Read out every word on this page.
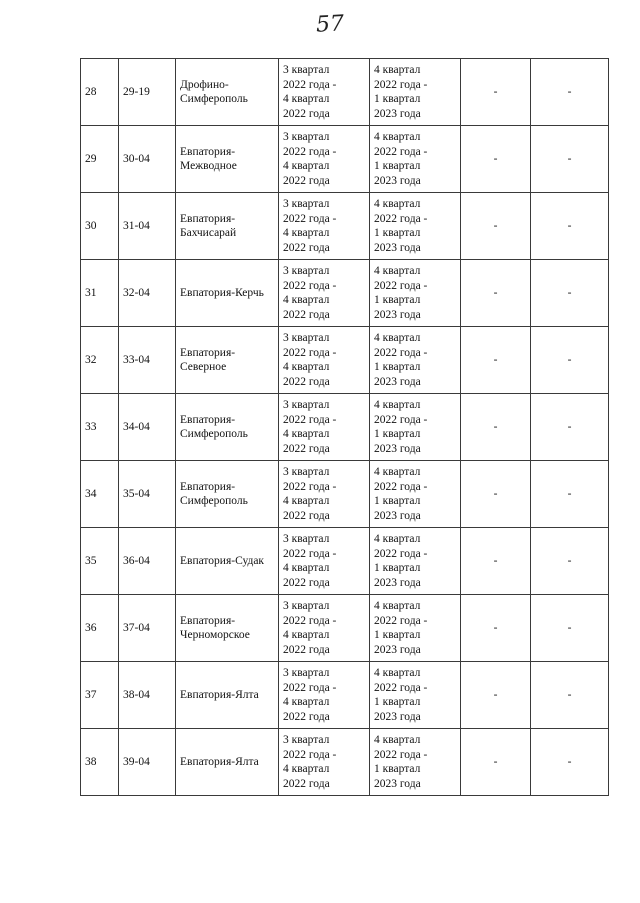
57
28	29-19	Дрофино-Симферополь	3 квартал
2022 года -
4 квартал
2022 года	4 квартал
2022 года -
1 квартал
2023 года	-	-
29	30-04	Евпатория-Межводное	3 квартал
2022 года -
4 квартал
2022 года	4 квартал
2022 года -
1 квартал
2023 года	-	-
30	31-04	Евпатория-Бахчисарай	3 квартал
2022 года -
4 квартал
2022 года	4 квартал
2022 года -
1 квартал
2023 года	-	-
31	32-04	Евпатория-Керчь	3 квартал
2022 года -
4 квартал
2022 года	4 квартал
2022 года -
1 квартал
2023 года	-	-
32	33-04	Евпатория-Северное	3 квартал
2022 года -
4 квартал
2022 года	4 квартал
2022 года -
1 квартал
2023 года	-	-
33	34-04	Евпатория-Симферополь	3 квартал
2022 года -
4 квартал
2022 года	4 квартал
2022 года -
1 квартал
2023 года	-	-
34	35-04	Евпатория-Симферополь	3 квартал
2022 года -
4 квартал
2022 года	4 квартал
2022 года -
1 квартал
2023 года	-	-
35	36-04	Евпатория-Судак	3 квартал
2022 года -
4 квартал
2022 года	4 квартал
2022 года -
1 квартал
2023 года	-	-
36	37-04	Евпатория-Черноморское	3 квартал
2022 года -
4 квартал
2022 года	4 квартал
2022 года -
1 квартал
2023 года	-	-
37	38-04	Евпатория-Ялта	3 квартал
2022 года -
4 квартал
2022 года	4 квартал
2022 года -
1 квартал
2023 года	-	-
38	39-04	Евпатория-Ялта	3 квартал
2022 года -
4 квартал
2022 года	4 квартал
2022 года -
1 квартал
2023 года	-	-
